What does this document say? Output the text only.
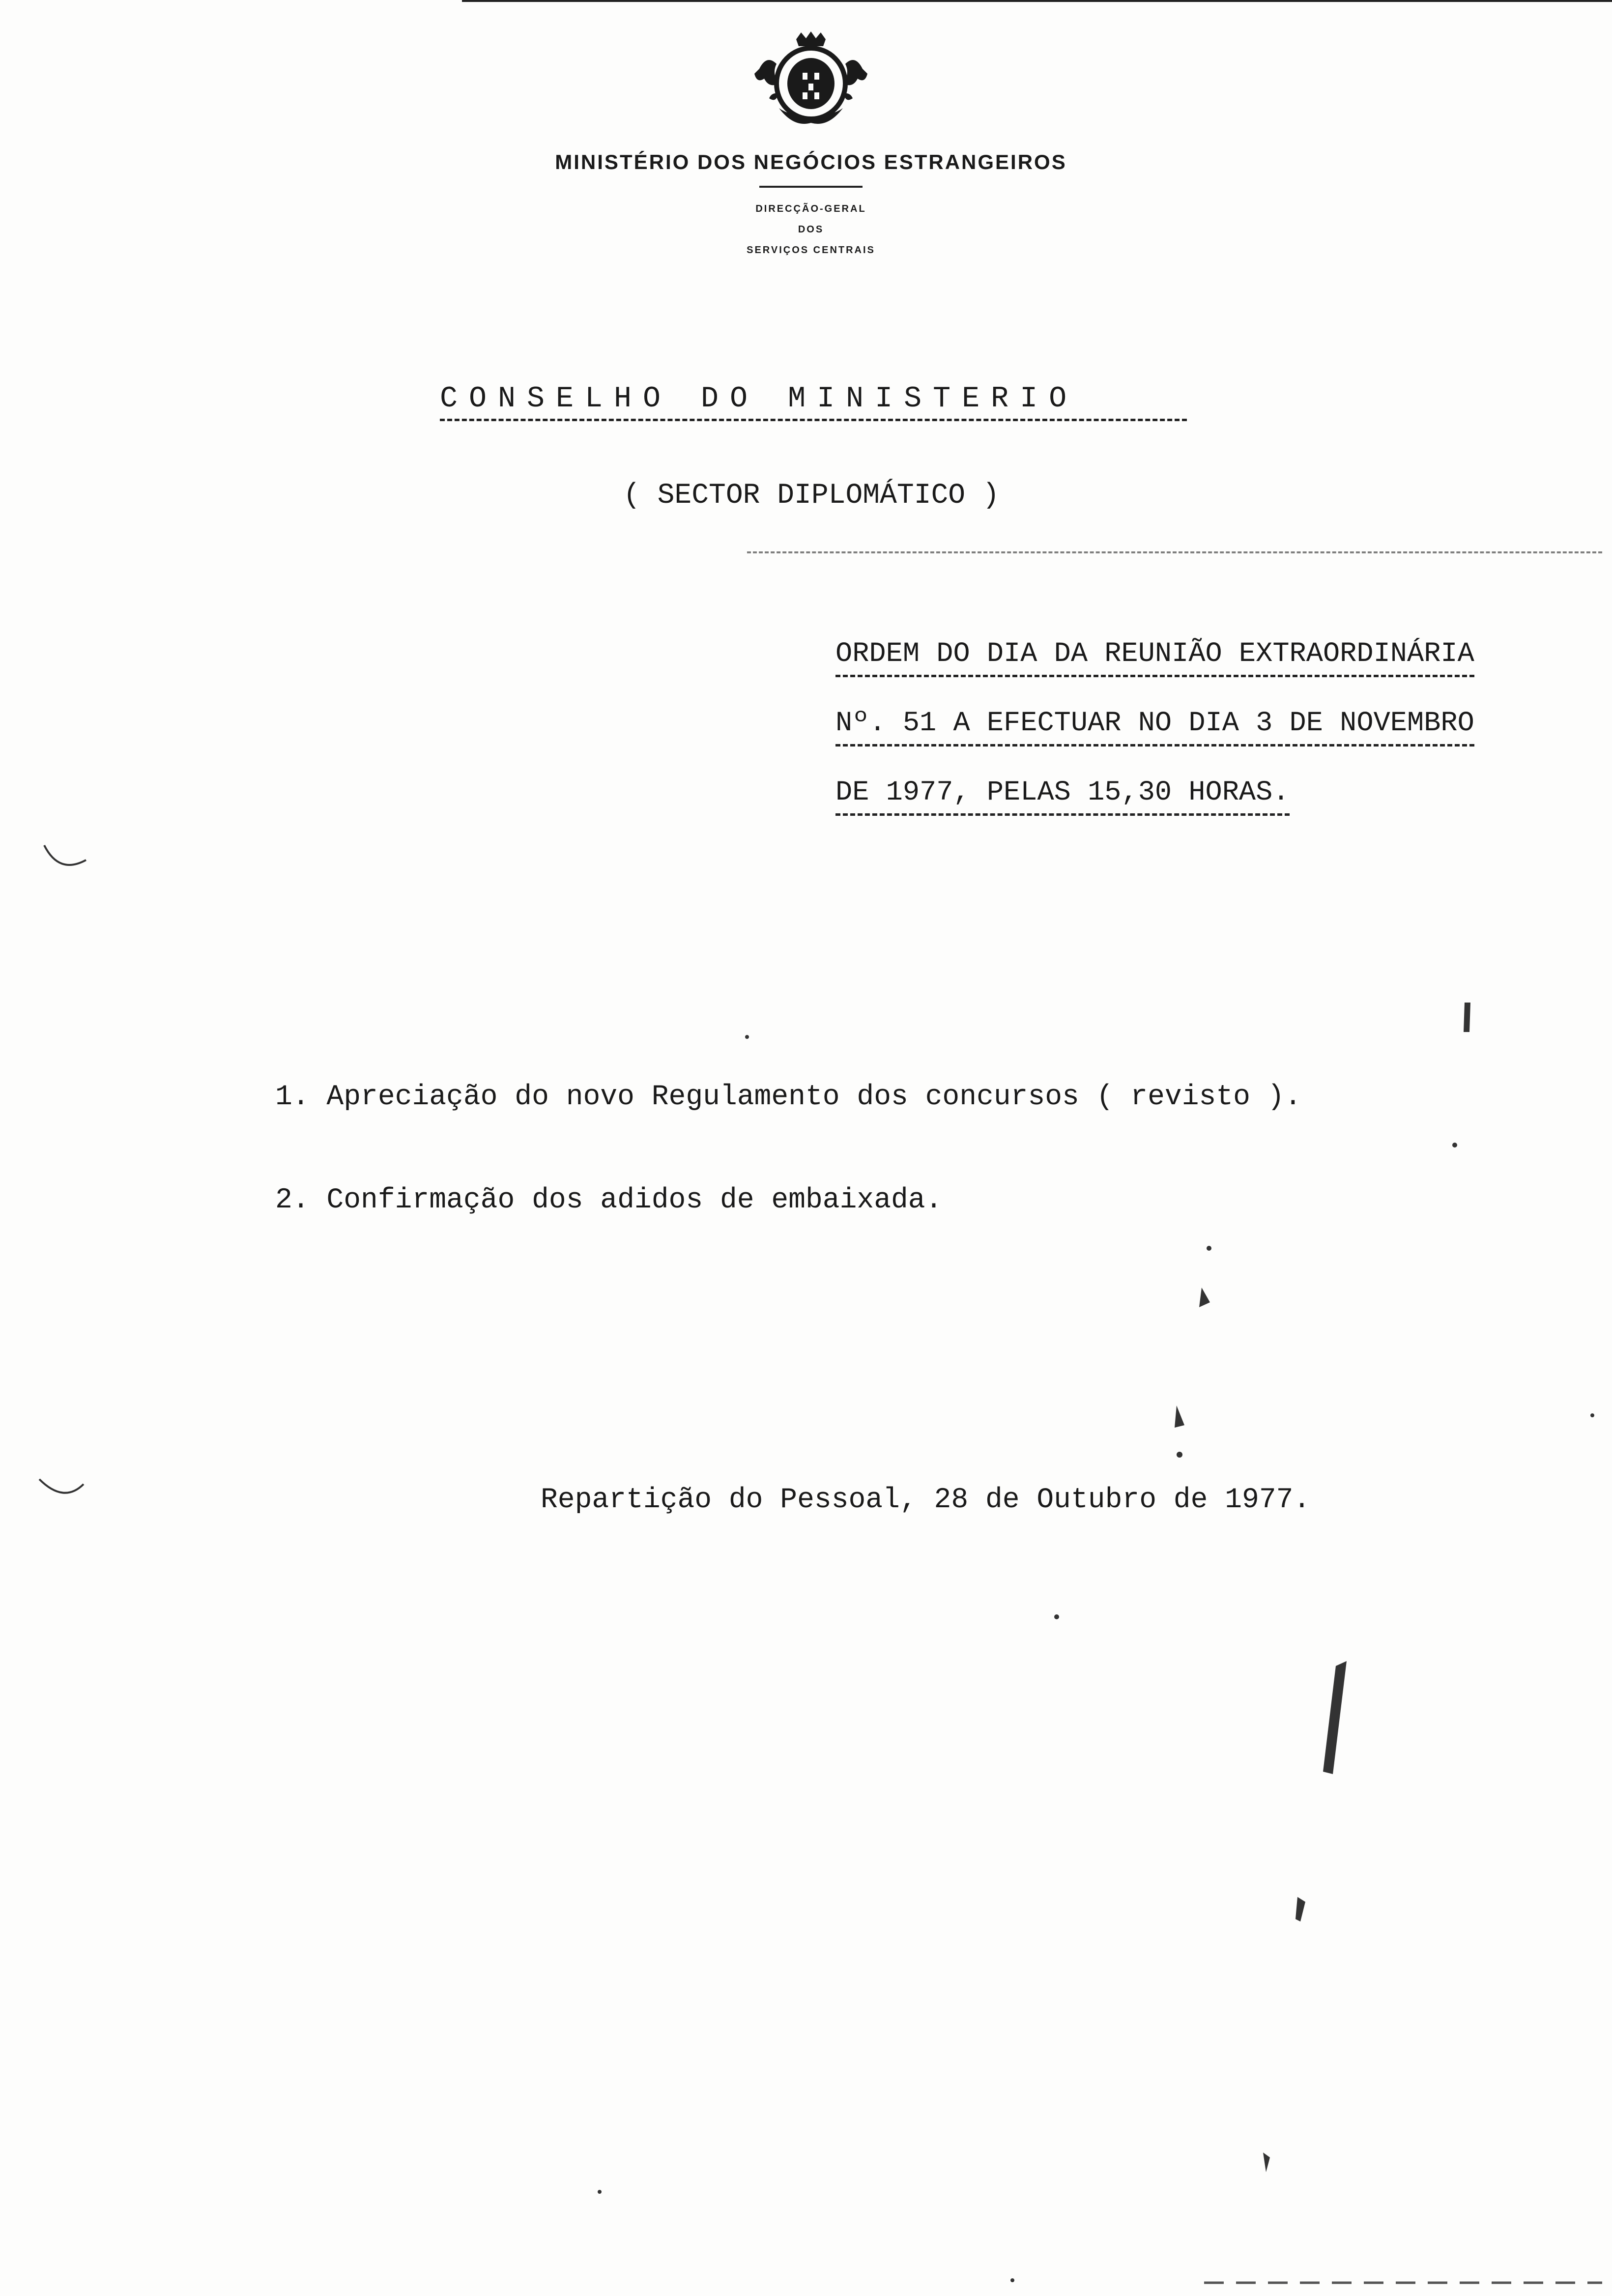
MINISTÉRIO DOS NEGÓCIOS ESTRANGEIROS
DIRECÇÃO-GERAL
DOS
SERVIÇOS CENTRAIS
CONSELHO DO MINISTERIO
( SECTOR DIPLOMÁTICO )
ORDEM DO DIA DA REUNIÃO EXTRAORDINÁRIA
Nº. 51 A EFECTUAR NO DIA 3 DE NOVEMBRO
DE 1977, PELAS 15,30 HORAS.
1. Apreciação do novo Regulamento dos concursos ( revisto ).
2. Confirmação dos adidos de embaixada.
Repartição do Pessoal, 28 de Outubro de 1977.
